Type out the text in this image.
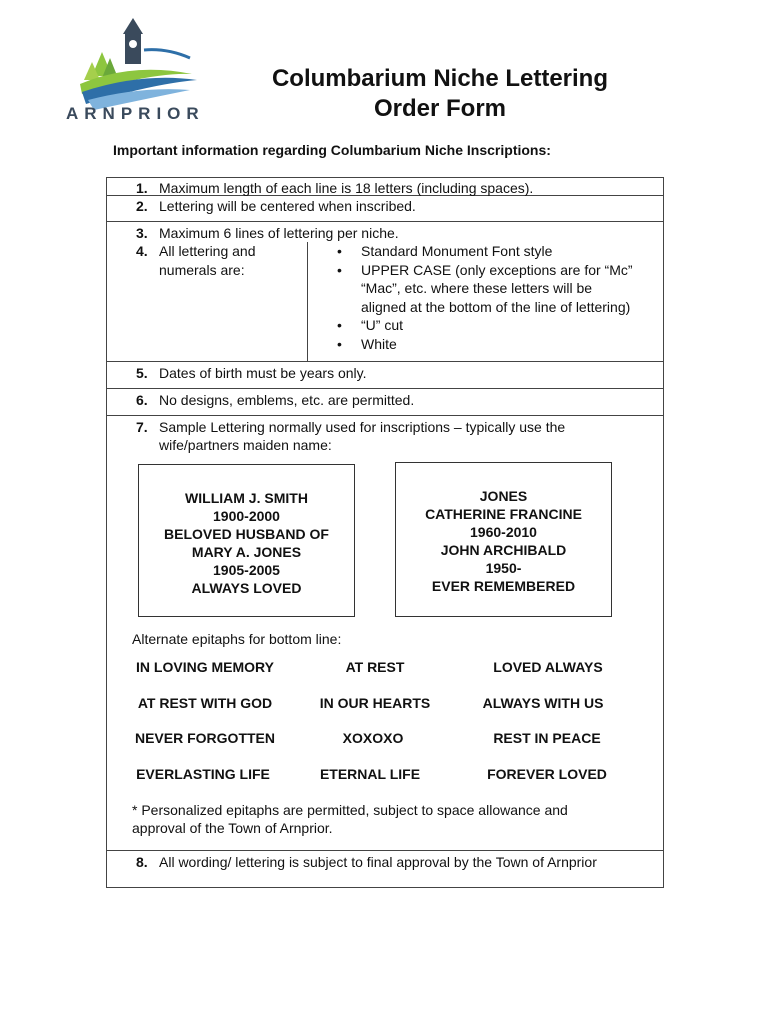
ARNPRIOR
Columbarium Niche Lettering
Order Form
Important information regarding Columbarium Niche Inscriptions:
1. Maximum length of each line is 18 letters (including spaces).
2. Lettering will be centered when inscribed.
3. Maximum 6 lines of lettering per niche.
4. All lettering and
numerals are:
• Standard Monument Font style
• UPPER CASE (only exceptions are for “Mc”
“Mac”, etc. where these letters will be
aligned at the bottom of the line of lettering)
• “U” cut
• White
5. Dates of birth must be years only.
6. No designs, emblems, etc. are permitted.
7. Sample Lettering normally used for inscriptions – typically use the
wife/partners maiden name:
WILLIAM J. SMITH
1900-2000
BELOVED HUSBAND OF
MARY A. JONES
1905-2005
ALWAYS LOVED
JONES
CATHERINE FRANCINE
1960-2010
JOHN ARCHIBALD
1950-
EVER REMEMBERED
Alternate epitaphs for bottom line:
IN LOVING MEMORY	AT REST	LOVED ALWAYS
AT REST WITH GOD	IN OUR HEARTS	ALWAYS WITH US
NEVER FORGOTTEN	XOXOXO	REST IN PEACE
EVERLASTING LIFE	ETERNAL LIFE	FOREVER LOVED
* Personalized epitaphs are permitted, subject to space allowance and
approval of the Town of Arnprior.
8. All wording/ lettering is subject to final approval by the Town of Arnprior
